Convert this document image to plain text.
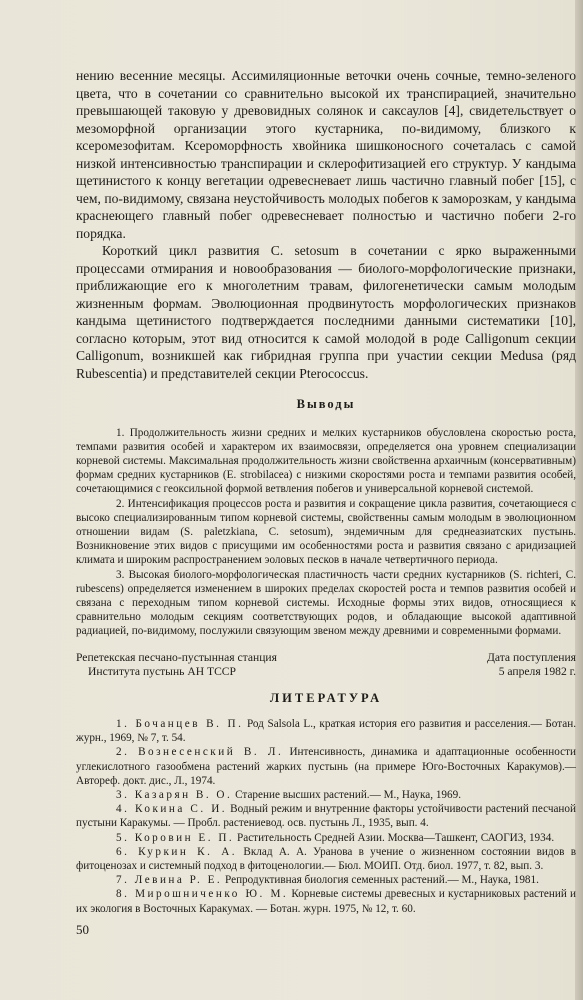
нению весенние месяцы. Ассимиляционные веточки очень сочные, темно-зеленого цвета, что в сочетании со сравнительно высокой их транспирацией, значительно превышающей таковую у древовидных солянок и саксаулов [4], свидетельствует о мезоморфной организации этого кустарника, по-видимому, близкого к ксеромезофитам. Ксероморфность хвойника шишконосного сочеталась с самой низкой интенсивностью транспирации и склерофитизацией его структур. У кандыма щетинистого к концу вегетации одревесневает лишь частично главный побег [15], с чем, по-видимому, связана неустойчивость молодых побегов к заморозкам, у кандыма краснеющего главный побег одревесневает полностью и частично побеги 2-го порядка.

Короткий цикл развития C. setosum в сочетании с ярко выраженными процессами отмирания и новообразования — биолого-морфологические признаки, приближающие его к многолетним травам, филогенетически самым молодым жизненным формам. Эволюционная продвинутость морфологических признаков кандыма щетинистого подтверждается последними данными систематики [10], согласно которым, этот вид относится к самой молодой в роде Calligonum секции Calligonum, возникшей как гибридная группа при участии секции Medusa (ряд Rubescentia) и представителей секции Pterococcus.

Выводы

1. Продолжительность жизни средних и мелких кустарников обусловлена скоростью роста, темпами развития особей и характером их взаимосвязи, определяется она уровнем специализации корневой системы. Максимальная продолжительность жизни свойственна архаичным (консервативным) формам средних кустарников (E. strobilacea) с низкими скоростями роста и темпами развития особей, сочетающимися с геоксильной формой ветвления побегов и универсальной корневой системой.

2. Интенсификация процессов роста и развития и сокращение цикла развития, сочетающиеся с высоко специализированным типом корневой системы, свойственны самым молодым в эволюционном отношении видам (S. paletzkiana, C. setosum), эндемичным для среднеазиатских пустынь. Возникновение этих видов с присущими им особенностями роста и развития связано с аридизацией климата и широким распространением эоловых песков в начале четвертичного периода.

3. Высокая биолого-морфологическая пластичность части средних кустарников (S. richteri, C. rubescens) определяется изменением в широких пределах скоростей роста и темпов развития особей и связана с переходным типом корневой системы. Исходные формы этих видов, относящиеся к сравнительно молодым секциям соответствующих родов, и обладающие высокой адаптивной радиацией, по-видимому, послужили связующим звеном между древними и современными формами.

Репетекская песчано-пустынная станция
Института пустынь АН ТССР
Дата поступления
5 апреля 1982 г.
ЛИТЕРАТУРА

1. Бочанцев В. П. Род Salsola L., краткая история его развития и расселения.— Ботан. журн., 1969, № 7, т. 54.

2. Вознесенский В. Л. Интенсивность, динамика и адаптационные особенности углекислотного газообмена растений жарких пустынь (на примере Юго-Восточных Каракумов).— Автореф. докт. дис., Л., 1974.

3. Казарян В. О. Старение высших растений.— М., Наука, 1969.

4. Кокина С. И. Водный режим и внутренние факторы устойчивости растений песчаной пустыни Каракумы. — Пробл. растениевод. осв. пустынь Л., 1935, вып. 4.

5. Коровин Е. П. Растительность Средней Азии. Москва—Ташкент, САОГИЗ, 1934.

6. Куркин К. А. Вклад А. А. Уранова в учение о жизненном состоянии видов в фитоценозах и системный подход в фитоценологии.— Бюл. МОИП. Отд. биол. 1977, т. 82, вып. 3.

7. Левина Р. Е. Репродуктивная биология семенных растений.— М., Наука, 1981.

8. Мирошниченко Ю. М. Корневые системы древесных и кустарниковых растений и их экология в Восточных Каракумах. — Ботан. журн. 1975, № 12, т. 60.

50
